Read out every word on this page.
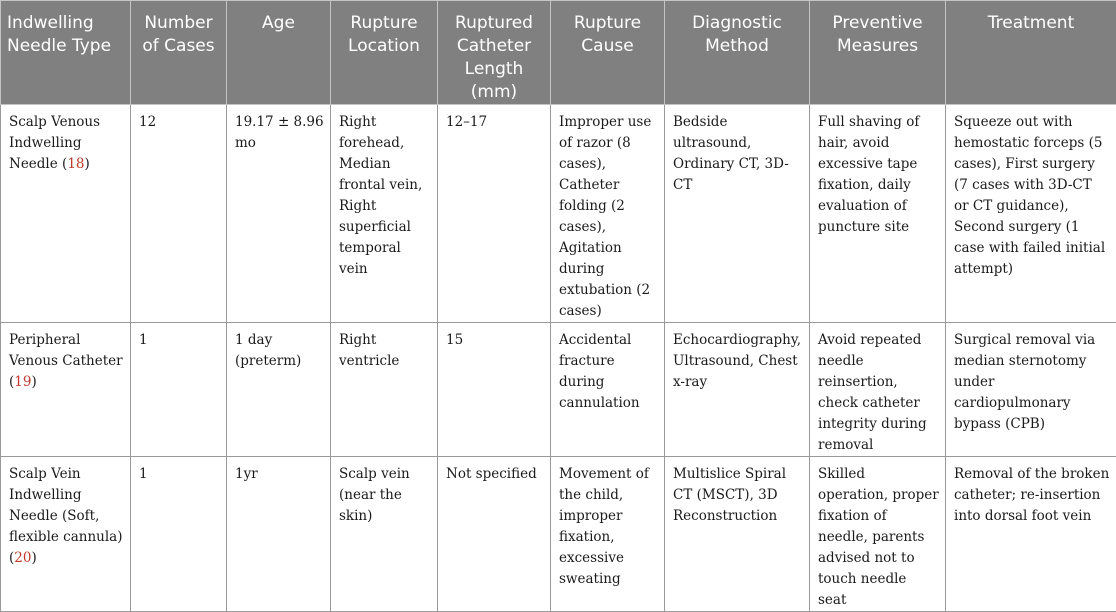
Indwelling Needle Type	Number of Cases	Age	Rupture Location	Ruptured Catheter Length (mm)	Rupture Cause	Diagnostic Method	Preventive Measures	Treatment
Scalp Venous Indwelling Needle (18)	12	19.17 ± 8.96 mo	Right forehead, Median frontal vein, Right superficial temporal vein	12–17	Improper use of razor (8 cases), Catheter folding (2 cases), Agitation during extubation (2 cases)	Bedside ultrasound, Ordinary CT, 3D-CT	Full shaving of hair, avoid excessive tape fixation, daily evaluation of puncture site	Squeeze out with hemostatic forceps (5 cases), First surgery (7 cases with 3D-CT or CT guidance), Second surgery (1 case with failed initial attempt)
Peripheral Venous Catheter (19)	1	1 day (preterm)	Right ventricle	15	Accidental fracture during cannulation	Echocardiography, Ultrasound, Chest x-ray	Avoid repeated needle reinsertion, check catheter integrity during removal	Surgical removal via median sternotomy under cardiopulmonary bypass (CPB)
Scalp Vein Indwelling Needle (Soft, flexible cannula) (20)	1	1yr	Scalp vein (near the skin)	Not specified	Movement of the child, improper fixation, excessive sweating	Multislice Spiral CT (MSCT), 3D Reconstruction	Skilled operation, proper fixation of needle, parents advised not to touch needle seat	Removal of the broken catheter; re-insertion into dorsal foot vein
